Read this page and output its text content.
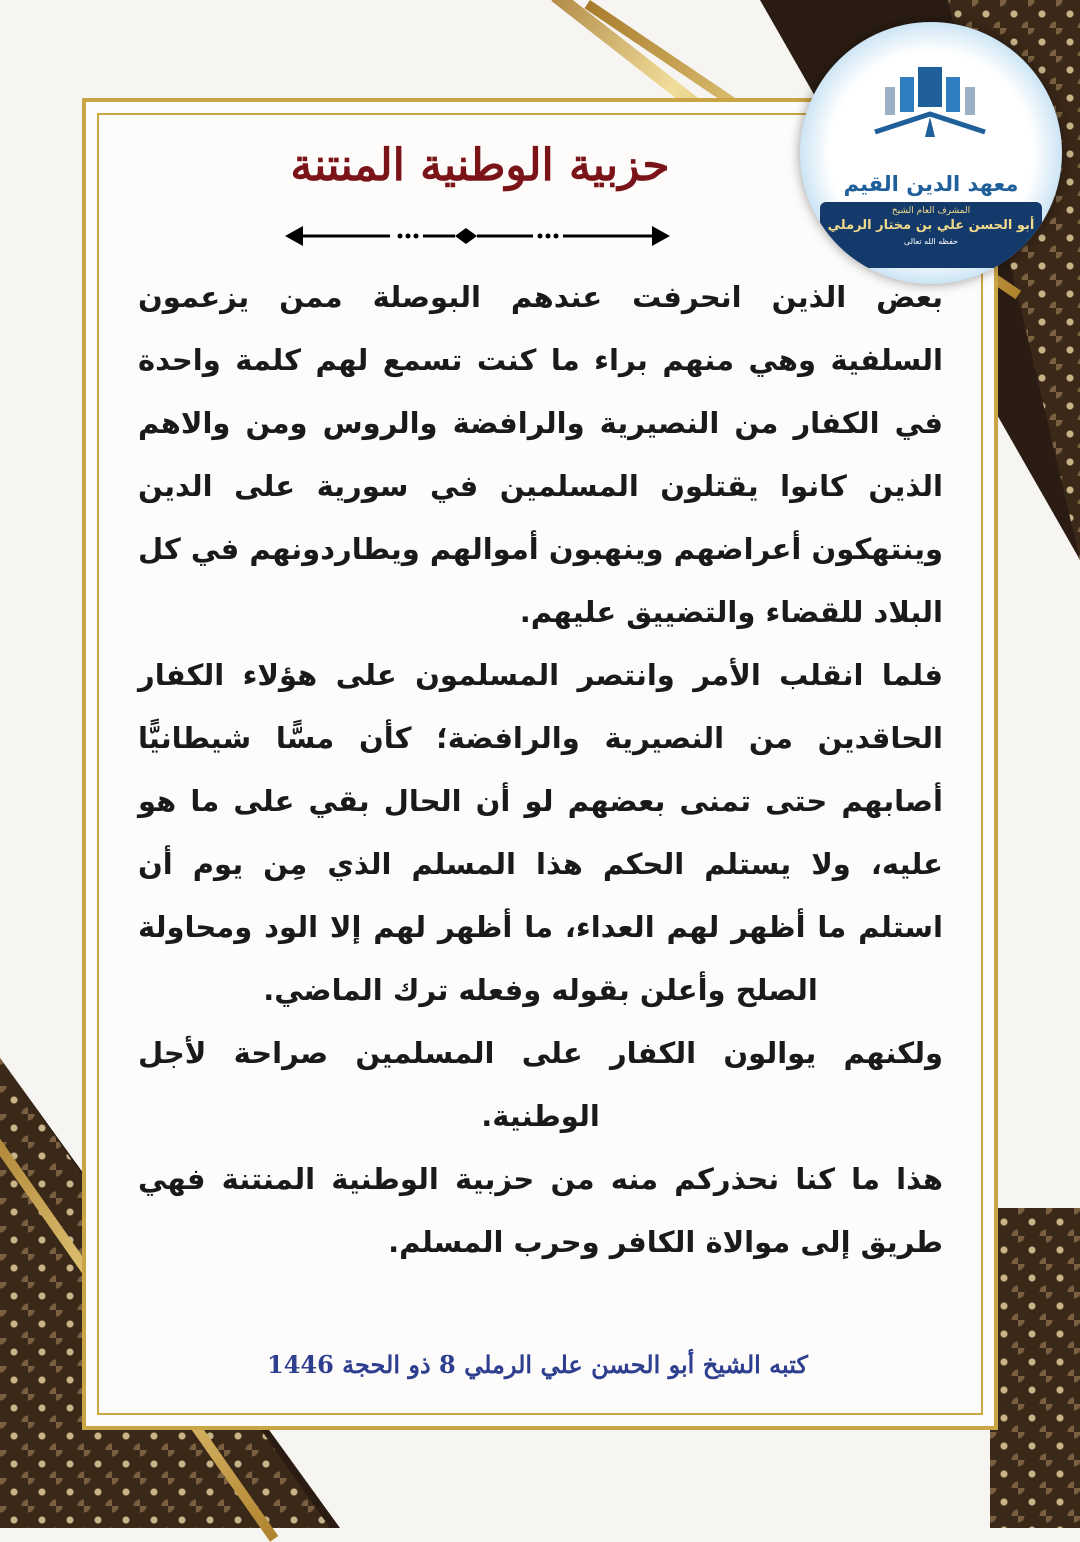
معهد الدين القيم
المشرف العام الشيخ
أبو الحسن علي بن مختار الرملي
حفظه الله تعالى
حزبية الوطنية المنتنة

بعض الذين انحرفت عندهم البوصلة ممن يزعمون السلفية وهي منهم براء ما كنت تسمع لهم كلمة واحدة في الكفار من النصيرية والرافضة والروس ومن والاهم الذين كانوا يقتلون المسلمين في سورية على الدين وينتهكون أعراضهم وينهبون أموالهم ويطاردونهم في كل البلاد للقضاء والتضييق عليهم.

فلما انقلب الأمر وانتصر المسلمون على هؤلاء الكفار الحاقدين من النصيرية والرافضة؛ كأن مسًّا شيطانيًّا أصابهم حتى تمنى بعضهم لو أن الحال بقي على ما هو عليه، ولا يستلم الحكم هذا المسلم الذي مِن يوم أن استلم ما أظهر لهم العداء، ما أظهر لهم إلا الود ومحاولة الصلح وأعلن بقوله وفعله ترك الماضي.

ولكنهم يوالون الكفار على المسلمين صراحة لأجل الوطنية.

هذا ما كنا نحذركم منه من حزبية الوطنية المنتنة فهي طريق إلى موالاة الكافر وحرب المسلم.

كتبه الشيخ أبو الحسن علي الرملي 8 ذو الحجة 1446
